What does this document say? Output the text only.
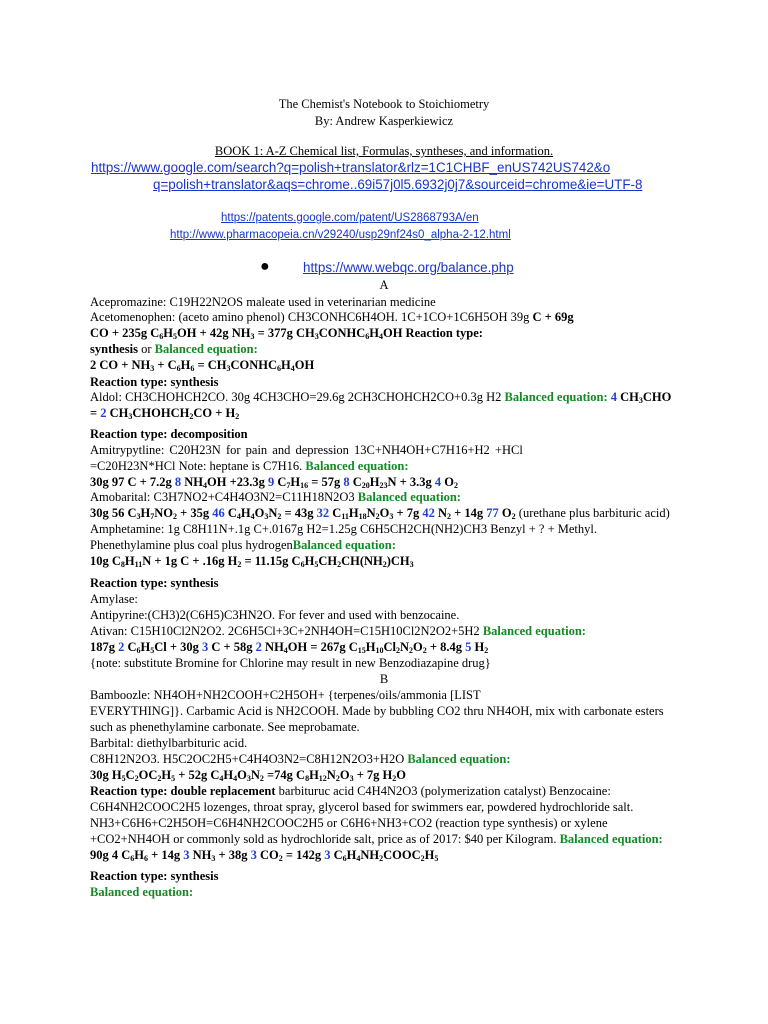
The Chemist's Notebook to Stoichiometry
By: Andrew Kasperkiewicz
BOOK 1: A-Z Chemical list, Formulas, syntheses, and information.
https://www.google.com/search?q=polish+translator&rlz=1C1CHBF_enUS742US742&o
q=polish+translator&aqs=chrome..69i57j0l5.6932j0j7&sourceid=chrome&ie=UTF-8
https://patents.google.com/patent/US2868793A/en
http://www.pharmacopeia.cn/v29240/usp29nf24s0_alpha-2-12.html
● https://www.webqc.org/balance.php
A
Acepromazine: C19H22N2OS maleate used in veterinarian medicine
Acetomenophen: (aceto amino phenol) CH3CONHC6H4OH. 1C+1CO+1C6H5OH 39g C + 69g
CO + 235g $C_6H_5OH + 42g$ $NH_3 = 377g$ $CH_3CONHC_6H_4OH$ Reaction type:
synthesis or Balanced equation:
2 CO + $NH_3 + C_6H_6$ = $CH_3CONHC_6H_4OH$
Reaction type: synthesis
Aldol: CH3CHOHCH2CO. 30g 4CH3CHO=29.6g 2CH3CHOHCH2CO+0.3g H2 Balanced equation: 4 $CH_3CHO$
= 2 $CH_3CHOHCH_2CO + H_2$
Reaction type: decomposition
Amitrypytline: C20H23N for pain and depression 13C+NH4OH+C7H16+H2 +HCl
=C20H23N*HCl Note: heptane is C7H16. Balanced equation:
30g 97 C + 7.2g 8 $NH_4OH +23.3g$ 9 $C_7H_{16} = 57g$ 8 $C_{20}H_{23}N + 3.3g$ 4 $O_2$
Amobarital: C3H7NO2+C4H4O3N2=C11H18N2O3 Balanced equation:
30g 56 $C_3H_7NO_2 + 35g$ 46 $C_4H_4O_3N_2 = 43g$ 32 $C_{11}H_{18}N_2O_3 + 7g$ 42 $N_2 + 14g$ 77 $O_2$ (urethane plus barbituric acid)
Amphetamine: 1g C8H11N+.1g C+.0167g H2=1.25g C6H5CH2CH(NH2)CH3 Benzyl + ? + Methyl.
Phenethylamine plus coal plus hydrogenBalanced equation:
10g $C_8H_{11}N + 1g$ C + .16g $H_2 = 11.15g$ $C_6H_5CH_2CH(NH_2)CH_3$
Reaction type: synthesis
Amylase:
Antipyrine:(CH3)2(C6H5)C3HN2O. For fever and used with benzocaine.
Ativan: C15H10Cl2N2O2. 2C6H5Cl+3C+2NH4OH=C15H10Cl2N2O2+5H2 Balanced equation:
187g 2 $C_6H_5Cl + 30g$ 3 C + 58g 2 $NH_4OH = 267g$ $C_{15}H_{10}Cl_2N_2O_2 + 8.4g$ 5 $H_2$
{note: substitute Bromine for Chlorine may result in new Benzodiazapine drug}
B
Bamboozle: NH4OH+NH2COOH+C2H5OH+ {terpenes/oils/ammonia [LIST
EVERYTHING]}. Carbamic Acid is NH2COOH. Made by bubbling CO2 thru NH4OH, mix with carbonate esters
such as phenethylamine carbonate. See meprobamate.
Barbital: diethylbarbituric acid.
C8H12N2O3. H5C2OC2H5+C4H4O3N2=C8H12N2O3+H2O Balanced equation:
30g $H_5C_2OC_2H_5 + 52g$ $C_4H_4O_3N_2 =74g$ $C_8H_{12}N_2O_3 + 7g$ $H_2O$
Reaction type: double replacement barbituruc acid C4H4N2O3 (polymerization catalyst) Benzocaine:
C6H4NH2COOC2H5 lozenges, throat spray, glycerol based for swimmers ear, powdered hydrochloride salt.
NH3+C6H6+C2H5OH=C6H4NH2COOC2H5 or C6H6+NH3+CO2 (reaction type synthesis) or xylene
+CO2+NH4OH or commonly sold as hydrochloride salt, price as of 2017: $40 per Kilogram. Balanced equation:
90g 4 $C_6H_6 + 14g$ 3 $NH_3 + 38g$ 3 $CO_2 = 142g$ 3 $C_6H_4NH_2COOC_2H_5$
Reaction type: synthesis
Balanced equation:
